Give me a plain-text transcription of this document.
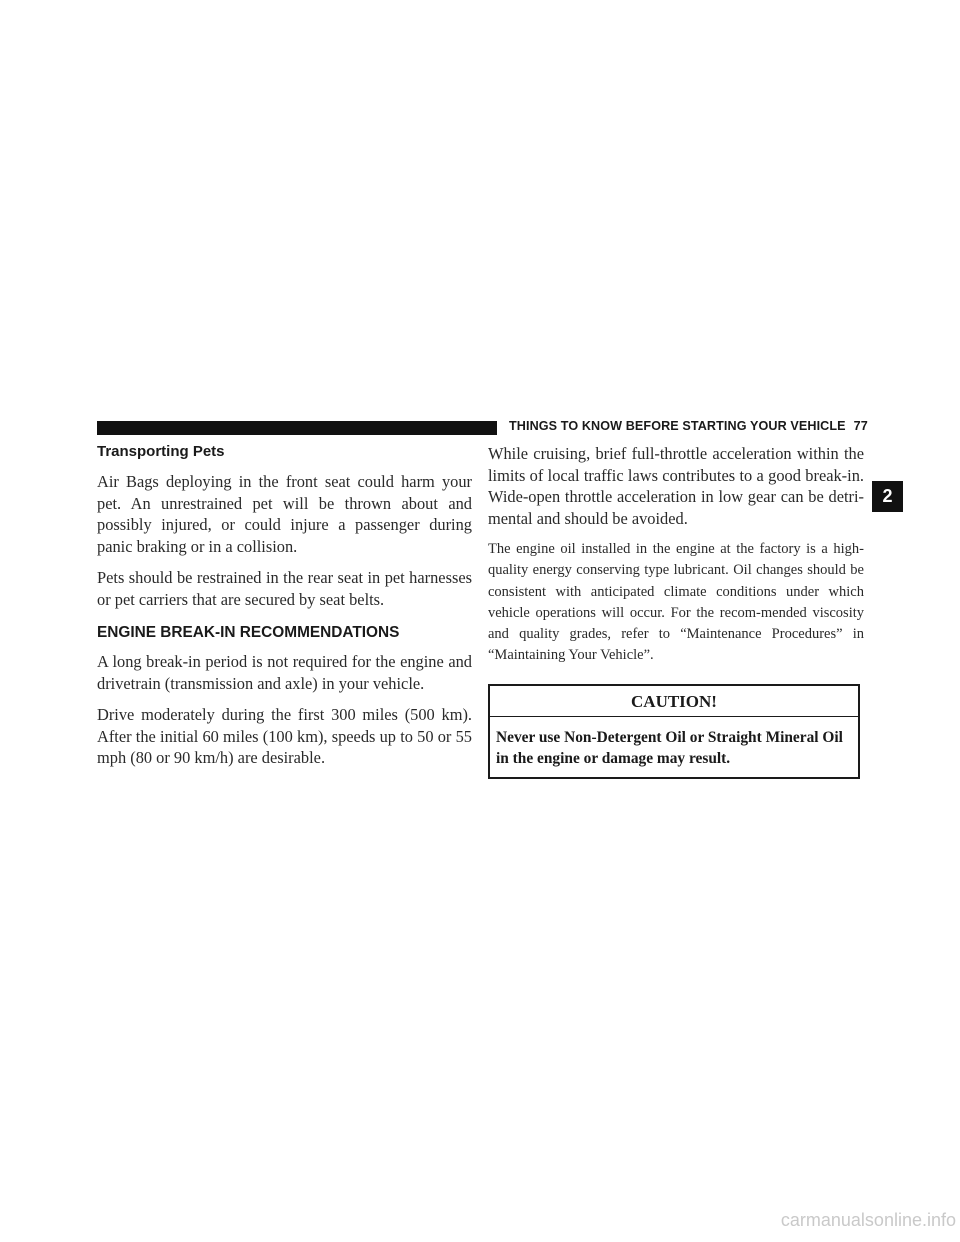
THINGS TO KNOW BEFORE STARTING YOUR VEHICLE 77
2
Transporting Pets

Air Bags deploying in the front seat could harm your pet. An unrestrained pet will be thrown about and possibly injured, or could injure a passenger during panic braking or in a collision.

Pets should be restrained in the rear seat in pet harnesses or pet carriers that are secured by seat belts.

ENGINE BREAK-IN RECOMMENDATIONS

A long break-in period is not required for the engine and drivetrain (transmission and axle) in your vehicle.

Drive moderately during the first 300 miles (500 km). After the initial 60 miles (100 km), speeds up to 50 or 55 mph (80 or 90 km/h) are desirable.

While cruising, brief full-throttle acceleration within the limits of local traffic laws contributes to a good break-in. Wide-open throttle acceleration in low gear can be detri-mental and should be avoided.

The engine oil installed in the engine at the factory is a high-quality energy conserving type lubricant. Oil changes should be consistent with anticipated climate conditions under which vehicle operations will occur. For the recom-mended viscosity and quality grades, refer to “Maintenance Procedures” in “Maintaining Your Vehicle”.

CAUTION!
Never use Non-Detergent Oil or Straight Mineral Oil in the engine or damage may result.
carmanualsonline.info
